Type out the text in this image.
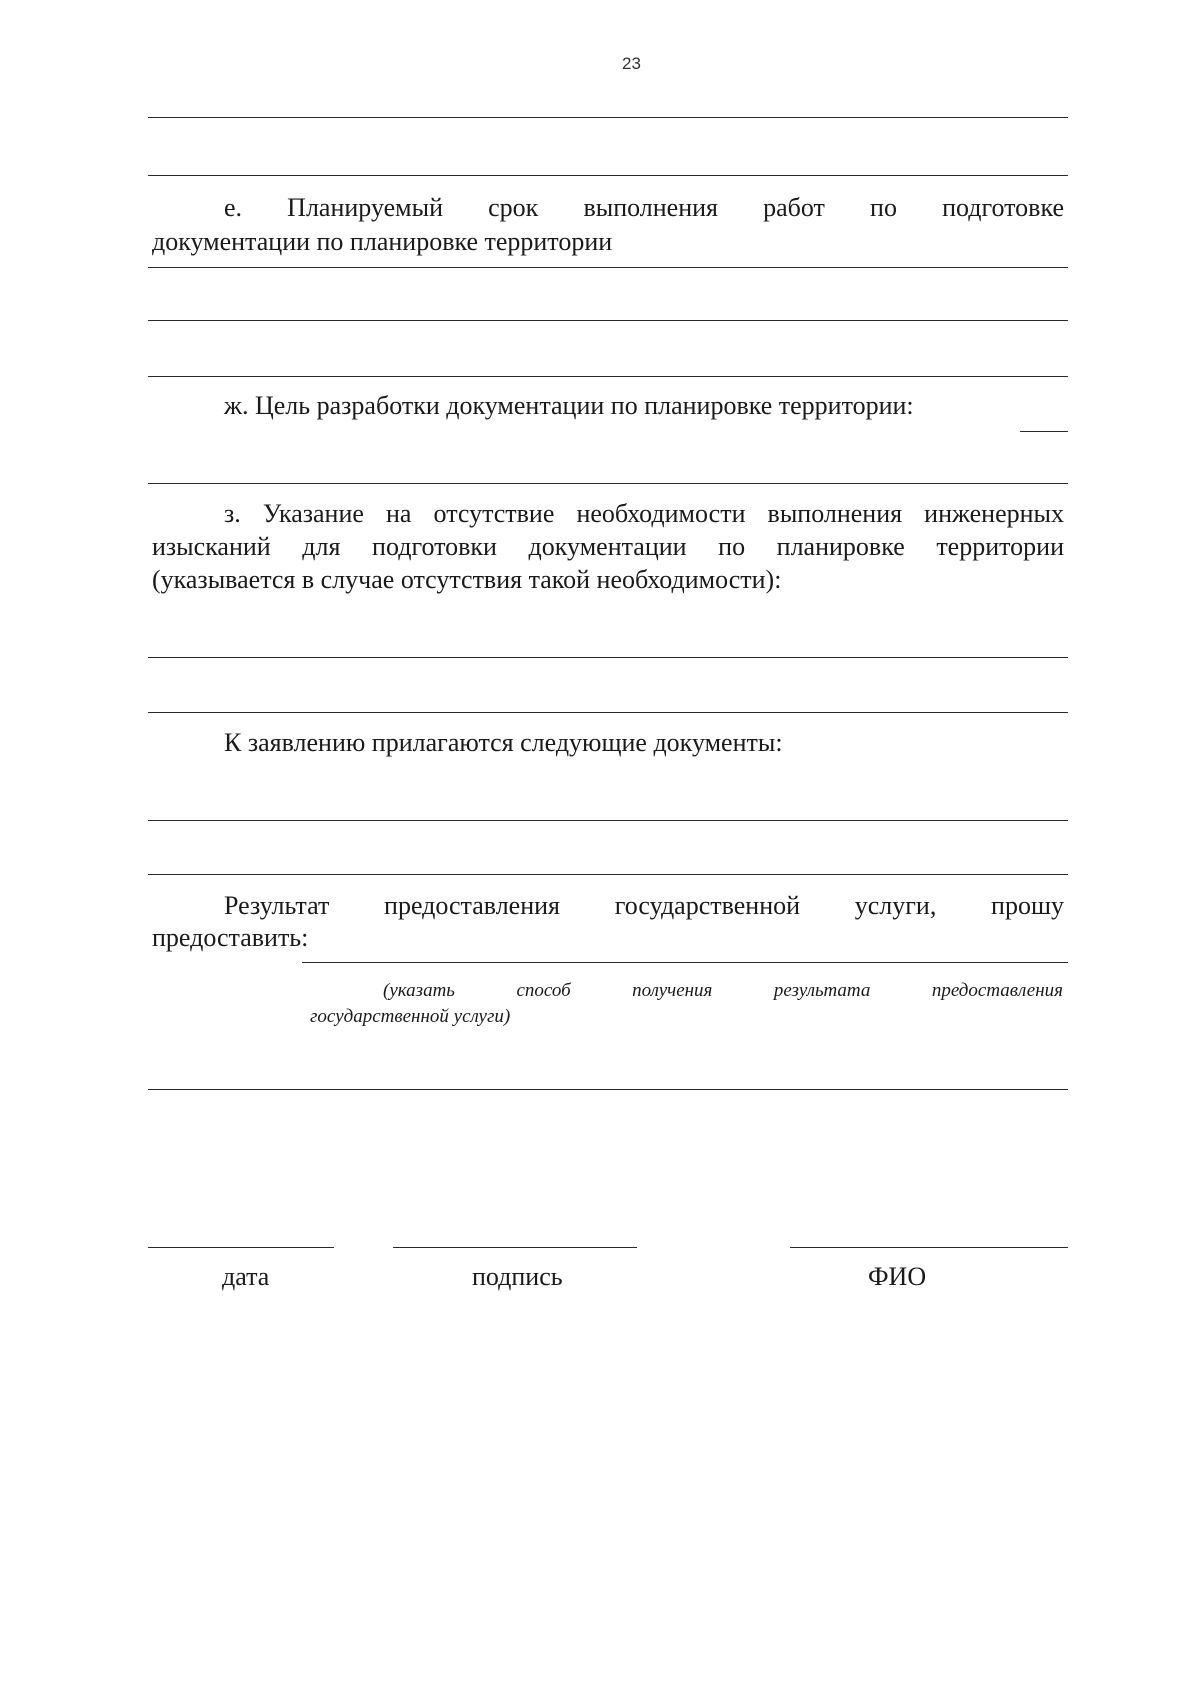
23
е. Планируемый срок выполнения работ по подготовке
документации по планировке территории
ж. Цель разработки документации по планировке территории:
з. Указание на отсутствие необходимости выполнения инженерных
изысканий для подготовки документации по планировке территории
(указывается в случае отсутствия такой необходимости):
К заявлению прилагаются следующие документы:
Результат предоставления государственной услуги, прошу
предоставить:
(указать способ получения результата предоставления
государственной услуги)
дата	подпись	ФИО
